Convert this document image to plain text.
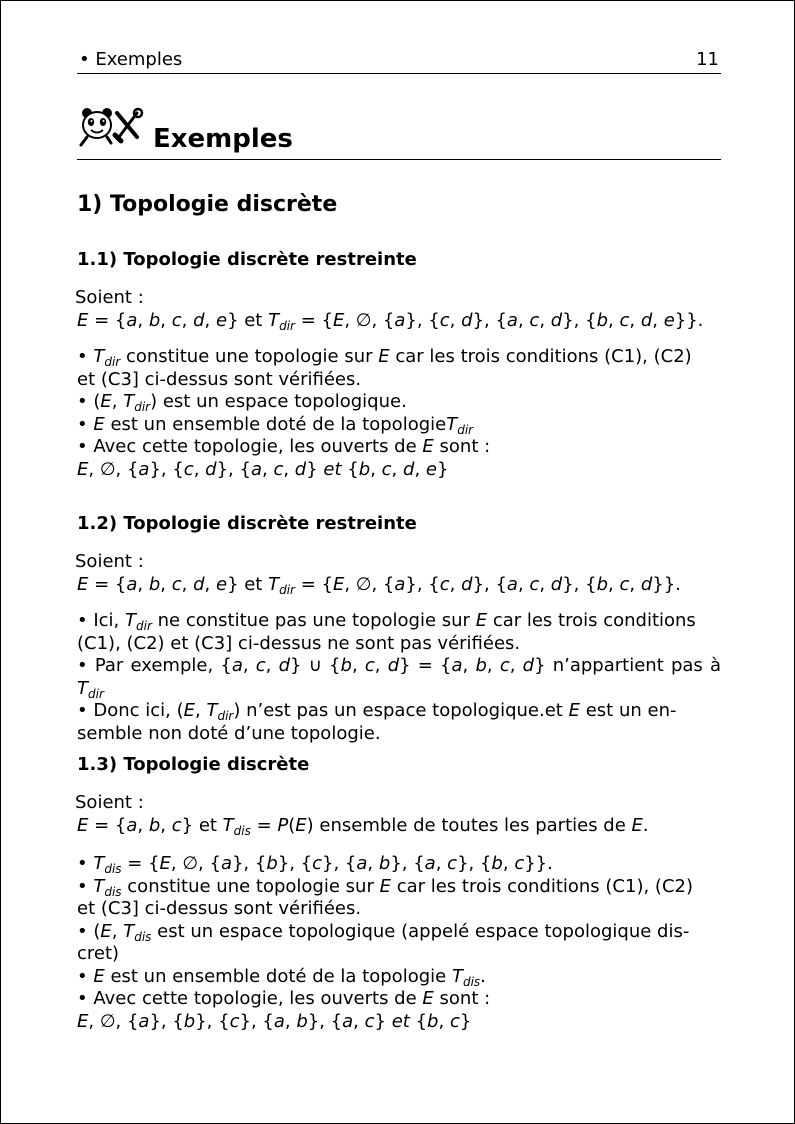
• Exemples	11
Exemples
1) Topologie discrète
1.1) Topologie discrète restreinte

Soient :

E = {a, b, c, d, e} et $T_{dir} = \{E$, ∅, {a}, {c, d}, {a, c, d}, {b, c, d, e}}.

• $T_{dir}$ constitue une topologie sur E car les trois conditions (C1), (C2)

et (C3] ci-dessus sont vérifiées.

• (E, $T_{dir}$) est un espace topologique.

• E est un ensemble doté de la topologieT$_{dir}$

• Avec cette topologie, les ouverts de E sont :

E, ∅, {a}, {c, d}, {a, c, d} et {b, c, d, e}

1.2) Topologie discrète restreinte

Soient :

E = {a, b, c, d, e} et $T_{dir} = \{E$, ∅, {a}, {c, d}, {a, c, d}, {b, c, d}}.

• Ici, $T_{dir}$ ne constitue pas une topologie sur E car les trois conditions

(C1), (C2) et (C3] ci-dessus ne sont pas vérifiées.

• Par exemple, {a, c, d} ∪ {b, c, d} = {a, b, c, d} n’appartient pas à $T_{dir}$

• Donc ici, (E, $T_{dir}$) n’est pas un espace topologique.et E est un en-

semble non doté d’une topologie.

1.3) Topologie discrète

Soient :

E = {a, b, c} et $T_{dis} = P(E)$ ensemble de toutes les parties de E.

• $T_{dis} = \{E$, ∅, {a}, {b}, {c}, {a, b}, {a, c}, {b, c}}.

• $T_{dis}$ constitue une topologie sur E car les trois conditions (C1), (C2)

et (C3] ci-dessus sont vérifiées.

• (E, $T_{dis}$ est un espace topologique (appelé espace topologique dis-

cret)

• E est un ensemble doté de la topologie $T_{dis}$.

• Avec cette topologie, les ouverts de E sont :

E, ∅, {a}, {b}, {c}, {a, b}, {a, c} et {b, c}
